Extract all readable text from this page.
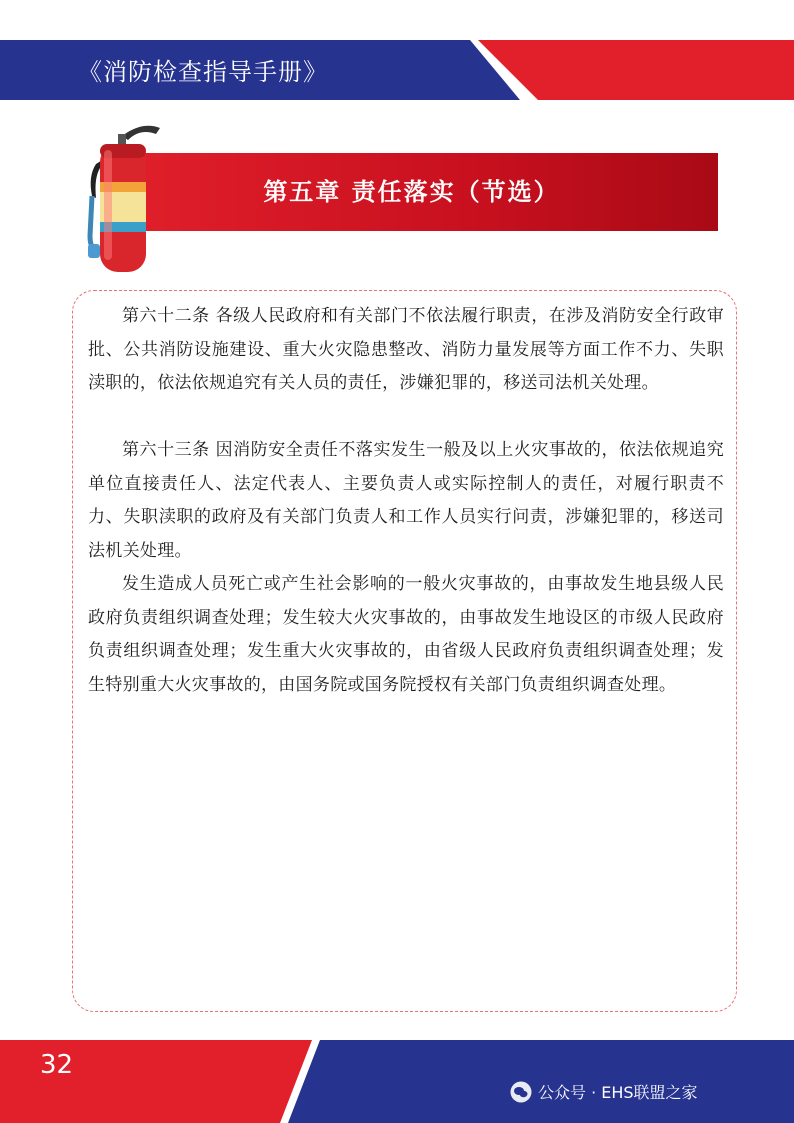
《消防检查指导手册》
第五章 责任落实（节选）

第六十二条 各级人民政府和有关部门不依法履行职责，在涉及消防安全行政审批、公共消防设施建设、重大火灾隐患整改、消防力量发展等方面工作不力、失职渎职的，依法依规追究有关人员的责任，涉嫌犯罪的，移送司法机关处理。

第六十三条 因消防安全责任不落实发生一般及以上火灾事故的，依法依规追究单位直接责任人、法定代表人、主要负责人或实际控制人的责任，对履行职责不力、失职渎职的政府及有关部门负责人和工作人员实行问责，涉嫌犯罪的，移送司法机关处理。

发生造成人员死亡或产生社会影响的一般火灾事故的，由事故发生地县级人民政府负责组织调查处理；发生较大火灾事故的，由事故发生地设区的市级人民政府负责组织调查处理；发生重大火灾事故的，由省级人民政府负责组织调查处理；发生特别重大火灾事故的，由国务院或国务院授权有关部门负责组织调查处理。

32
公众号 · EHS联盟之家
